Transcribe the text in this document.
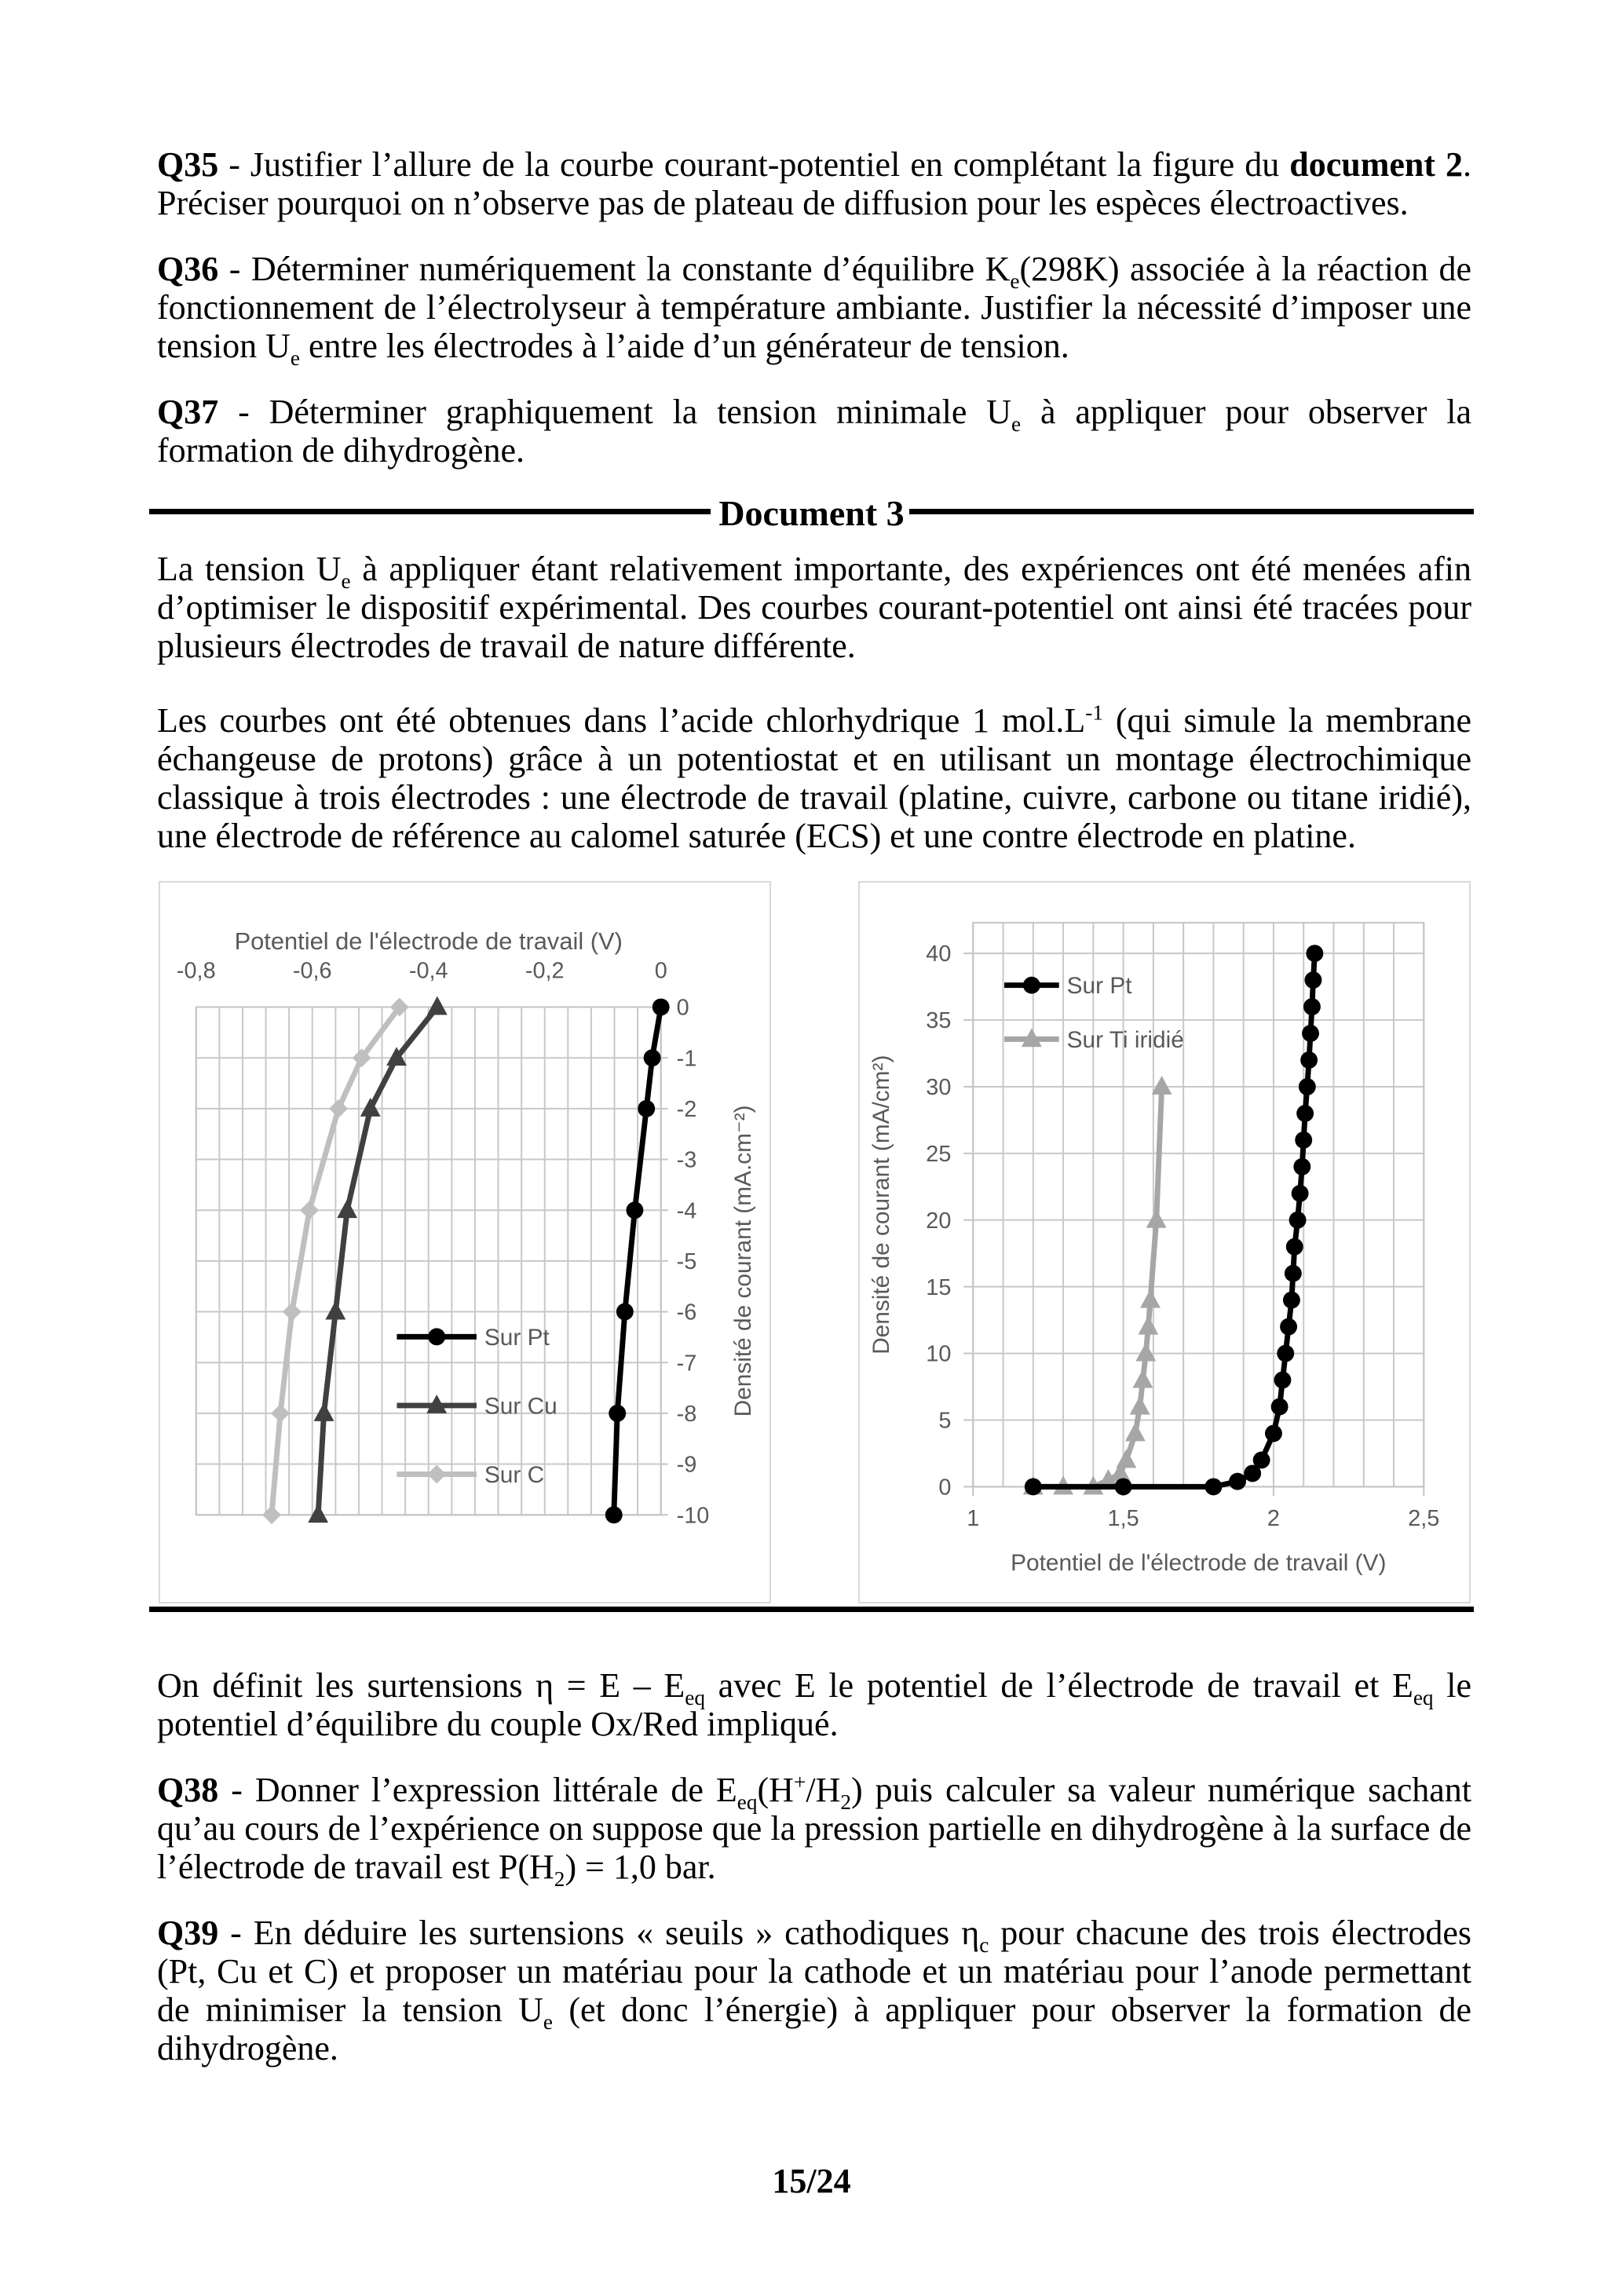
Q35 - Justifier l’allure de la courbe courant-potentiel en complétant la figure du document 2. Préciser pourquoi on n’observe pas de plateau de diffusion pour les espèces électroactives.
Q36 - Déterminer numériquement la constante d’équilibre $K_e(298K)$ associée à la réaction de fonctionnement de l’électrolyseur à température ambiante. Justifier la nécessité d’imposer une tension $U_e$ entre les électrodes à l’aide d’un générateur de tension.
Q37 - Déterminer graphiquement la tension minimale $U_e$ à appliquer pour observer la formation de dihydrogène.
Document 3
La tension $U_e$ à appliquer étant relativement importante, des expériences ont été menées afin d’optimiser le dispositif expérimental. Des courbes courant-potentiel ont ainsi été tracées pour plusieurs électrodes de travail de nature différente.
Les courbes ont été obtenues dans l’acide chlorhydrique 1 $mol.L^{-1}$ (qui simule la membrane échangeuse de protons) grâce à un potentiostat et en utilisant un montage électrochimique classique à trois électrodes : une électrode de travail (platine, cuivre, carbone ou titane iridié), une électrode de référence au calomel saturée (ECS) et une contre électrode en platine.
-0,8	-0,6	-0,4	-0,2	0
0
-1
-2
-3
-4
-5
-6
-7
-8
-9
-10
Potentiel de l'électrode de travail (V)
Densité de courant (mA.cm⁻²)
Sur Pt
Sur Cu
Sur C
1	1,5	2	2,5
0
5
10
15
20
25
30
35
40
Potentiel de l'électrode de travail (V)
Densité de courant (mA/cm²)
Sur Pt
Sur Ti iridié
On définit les surtensions $\eta = E - E_{eq}$ avec E le potentiel de l’électrode de travail et $E_{eq}$ le potentiel d’équilibre du couple Ox/Red impliqué.
Q38 - Donner l’expression littérale de $E_{eq}(H^+/H_2)$ puis calculer sa valeur numérique sachant qu’au cours de l’expérience on suppose que la pression partielle en dihydrogène à la surface de l’électrode de travail est $P(H_2) = 1,0$ bar.
Q39 - En déduire les surtensions « seuils » cathodiques $\eta_c$ pour chacune des trois électrodes (Pt, Cu et C) et proposer un matériau pour la cathode et un matériau pour l’anode permettant de minimiser la tension $U_e$ (et donc l’énergie) à appliquer pour observer la formation de dihydrogène.
15/24
